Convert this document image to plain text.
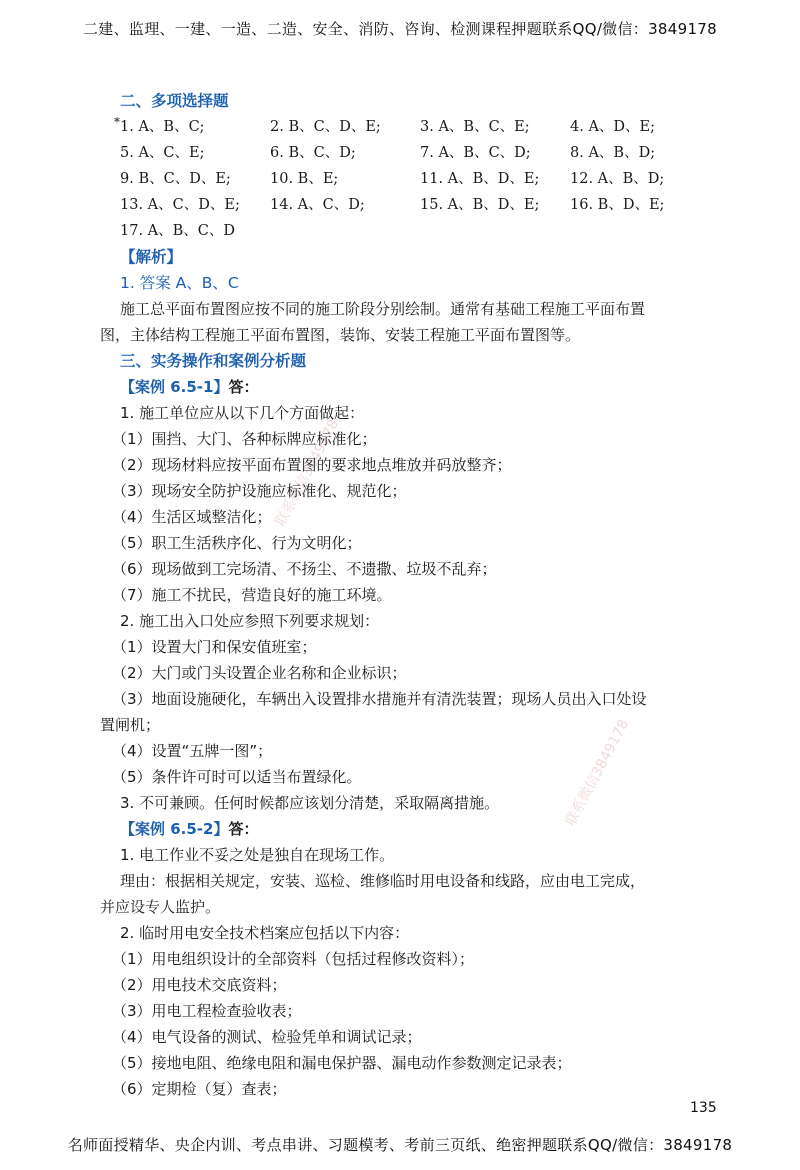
二建、监理、一建、一造、二造、安全、消防、咨询、检测课程押题联系QQ/微信：3849178
联系微信3849178
联系微信3849178
二、多项选择题
*1. A、B、C;	2. B、C、D、E;	3. A、B、C、E;	4. A、D、E;
5. A、C、E;	6. B、C、D;	7. A、B、C、D;	8. A、B、D;
9. B、C、D、E;	10. B、E;	11. A、B、D、E;	12. A、B、D;
13. A、C、D、E;	14. A、C、D;	15. A、B、D、E;	16. B、D、E;
17. A、B、C、D
【解析】
1. 答案 A、B、C
施工总平面布置图应按不同的施工阶段分别绘制。通常有基础工程施工平面布置
图，主体结构工程施工平面布置图，装饰、安装工程施工平面布置图等。
三、实务操作和案例分析题
【案例 6.5-1】答：
1. 施工单位应从以下几个方面做起：
（1）围挡、大门、各种标牌应标准化；
（2）现场材料应按平面布置图的要求地点堆放并码放整齐；
（3）现场安全防护设施应标准化、规范化；
（4）生活区域整洁化；
（5）职工生活秩序化、行为文明化；
（6）现场做到工完场清、不扬尘、不遗撒、垃圾不乱弃；
（7）施工不扰民，营造良好的施工环境。
2. 施工出入口处应参照下列要求规划：
（1）设置大门和保安值班室；
（2）大门或门头设置企业名称和企业标识；
（3）地面设施硬化，车辆出入设置排水措施并有清洗装置；现场人员出入口处设
置闸机；
（4）设置“五牌一图”；
（5）条件许可时可以适当布置绿化。
3. 不可兼顾。任何时候都应该划分清楚，采取隔离措施。
【案例 6.5-2】答：
1. 电工作业不妥之处是独自在现场工作。
理由：根据相关规定，安装、巡检、维修临时用电设备和线路，应由电工完成，
并应设专人监护。
2. 临时用电安全技术档案应包括以下内容：
（1）用电组织设计的全部资料（包括过程修改资料）；
（2）用电技术交底资料；
（3）用电工程检查验收表；
（4）电气设备的测试、检验凭单和调试记录；
（5）接地电阻、绝缘电阻和漏电保护器、漏电动作参数测定记录表；
（6）定期检（复）查表；
135
名师面授精华、央企内训、考点串讲、习题模考、考前三页纸、绝密押题联系QQ/微信：3849178
